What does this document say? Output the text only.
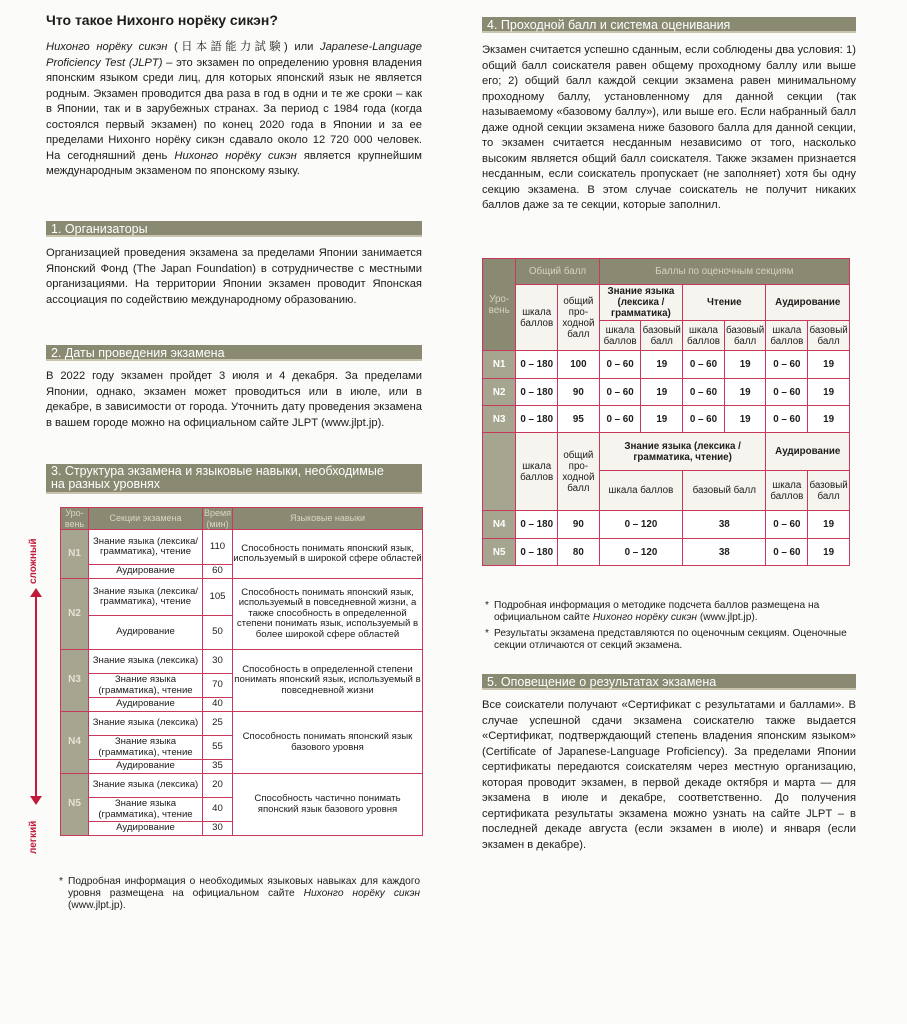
Что такое Нихонго норёку сикэн?

Нихонго норёку сикэн (日本語能力試験) или Japanese-Language Proficiency Test (JLPT) – это экзамен по определению уровня владения японским языком среди лиц, для которых японский язык не является родным. Экзамен проводится два раза в год в одни и те же сроки – как в Японии, так и в зарубежных странах. За период с 1984 года (когда состоялся первый экзамен) по конец 2020 года в Японии и за ее пределами Нихонго норёку сикэн сдавало около 12 720 000 человек. На сегодняшний день Нихонго норёку сикэн является крупнейшим международным экзаменом по японскому языку.

1. Организаторы

Организацией проведения экзамена за пределами Японии занимается Японский Фонд (The Japan Foundation) в сотрудничестве с местными организациями. На территории Японии экзамен проводит Японская ассоциация по содействию международному образованию.

2. Даты проведения экзамена

В 2022 году экзамен пройдет 3 июля и 4 декабря. За пределами Японии, однако, экзамен может проводиться или в июле, или в декабре, в зависимости от города. Уточнить дату проведения экзамена в вашем городе можно на официальном сайте JLPT (www.jlpt.jp).

3. Структура экзамена и языковые навыки, необходимые
на разных уровнях
сложный
легкий
Уро-вень	Секции экзамена	Время (мин)	Языковые навыки
N1	Знание языка (лексика/грамматика), чтение	110	Способность понимать японский язык, используемый в широкой сфере областей
	Аудирование	60	
N2	Знание языка (лексика/грамматика), чтение	105	Способность понимать японский язык, используемый в повседневной жизни, а также способность в определенной степени понимать язык, используемый в более широкой сфере областей
	Аудирование	50	
N3	Знание языка (лексика)	30	Способность в определенной степени понимать японский язык, используемый в повседневной жизни
	Знание языка (грамматика), чтение	70	
	Аудирование	40	
N4	Знание языка (лексика)	25	Способность понимать японский язык базового уровня
	Знание языка (грамматика), чтение	55	
	Аудирование	35	
N5	Знание языка (лексика)	20	Способность частично понимать японский язык базового уровня
	Знание языка (грамматика), чтение	40	
	Аудирование	30	

* Подробная информация о необходимых языковых навыках для каждого уровня размещена на официальном сайте Нихонго норёку сикэн (www.jlpt.jp).

4. Проходной балл и система оценивания

Экзамен считается успешно сданным, если соблюдены два условия: 1) общий балл соискателя равен общему проходному баллу или выше его; 2) общий балл каждой секции экзамена равен минимальному проходному баллу, установленному для данной секции (так называемому «базовому баллу»), или выше его. Если набранный балл даже одной секции экзамена ниже базового балла для данной секции, то экзамен считается несданным независимо от того, насколько высоким является общий балл соискателя. Также экзамен признается несданным, если соискатель пропускает (не заполняет) хотя бы одну секцию экзамена. В этом случае соискатель не получит никаких баллов даже за те секции, которые заполнил.

Уро-вень	Общий балл		Баллы по оценочным секциям					
	шкала баллов	общий про-ходной балл	Знание языка (лексика / грамматика)		Чтение		Аудирование	
			шкала баллов	базовый балл	шкала баллов	базовый балл	шкала баллов	базовый балл
N1	0 – 180	100	0 – 60	19	0 – 60	19	0 – 60	19
N2	0 – 180	90	0 – 60	19	0 – 60	19	0 – 60	19
N3	0 – 180	95	0 – 60	19	0 – 60	19	0 – 60	19
	шкала баллов	общий про-ходной балл	Знание языка (лексика / грамматика, чтение)				Аудирование	
			шкала баллов		базовый балл		шкала баллов	базовый балл
N4	0 – 180	90	0 – 120		38		0 – 60	19
N5	0 – 180	80	0 – 120		38		0 – 60	19

* Подробная информация о методике подсчета баллов размещена на официальном сайте Нихонго норёку сикэн (www.jlpt.jp).

* Результаты экзамена представляются по оценочным секциям. Оценочные секции отличаются от секций экзамена.

5. Оповещение о результатах экзамена

Все соискатели получают «Сертификат с результатами и баллами». В случае успешной сдачи экзамена соискателю также выдается «Сертификат, подтверждающий степень владения японским языком» (Certificate of Japanese-Language Proficiency). За пределами Японии сертификаты передаются соискателям через местную организацию, которая проводит экзамен, в первой декаде октября и марта — для экзамена в июле и декабре, соответственно. До получения сертификата результаты экзамена можно узнать на сайте JLPT – в последней декаде августа (если экзамен в июле) и января (если экзамен в декабре).
